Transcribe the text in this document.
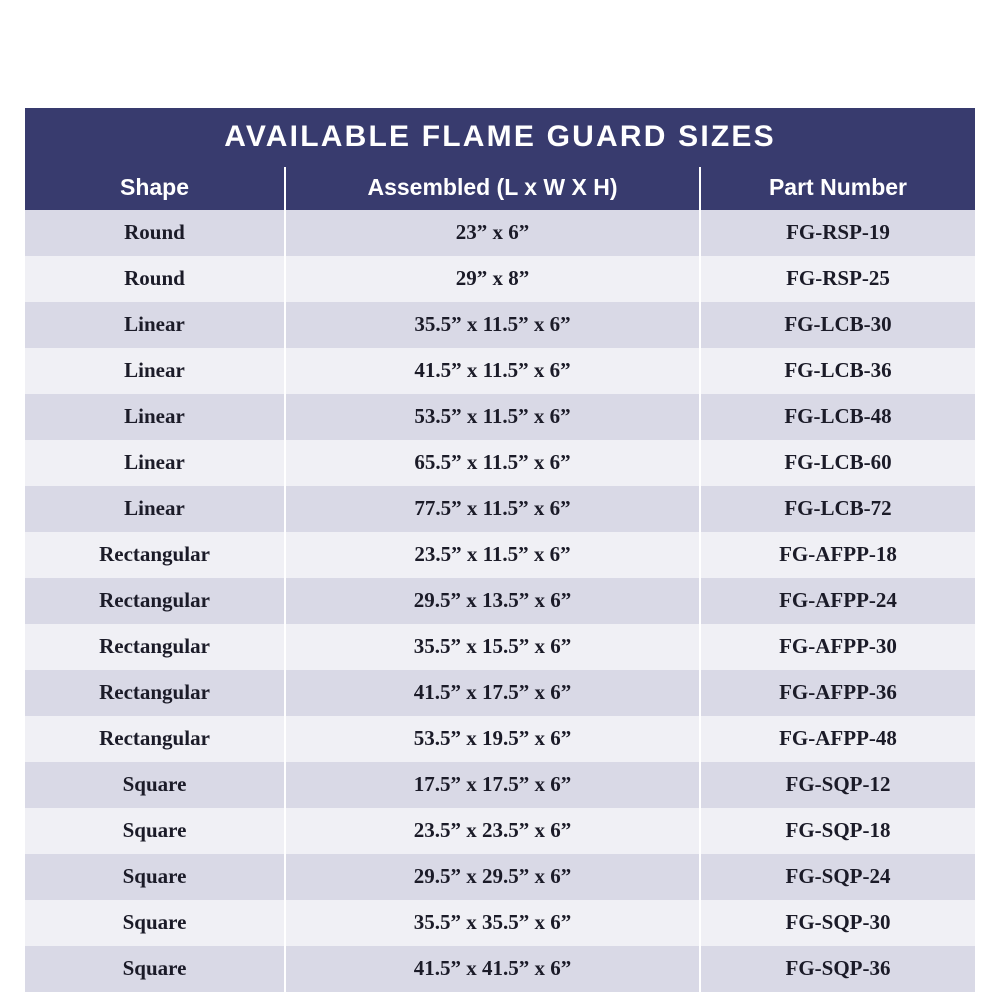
AVAILABLE FLAME GUARD SIZES		
Shape	Assembled (L x W X H)	Part Number
Round	23” x 6”	FG-RSP-19
Round	29” x 8”	FG-RSP-25
Linear	35.5” x 11.5” x 6”	FG-LCB-30
Linear	41.5” x 11.5” x 6”	FG-LCB-36
Linear	53.5” x 11.5” x 6”	FG-LCB-48
Linear	65.5” x 11.5” x 6”	FG-LCB-60
Linear	77.5” x 11.5” x 6”	FG-LCB-72
Rectangular	23.5” x 11.5” x 6”	FG-AFPP-18
Rectangular	29.5” x 13.5” x 6”	FG-AFPP-24
Rectangular	35.5” x 15.5” x 6”	FG-AFPP-30
Rectangular	41.5” x 17.5” x 6”	FG-AFPP-36
Rectangular	53.5” x 19.5” x 6”	FG-AFPP-48
Square	17.5” x 17.5” x 6”	FG-SQP-12
Square	23.5” x 23.5” x 6”	FG-SQP-18
Square	29.5” x 29.5” x 6”	FG-SQP-24
Square	35.5” x 35.5” x 6”	FG-SQP-30
Square	41.5” x 41.5” x 6”	FG-SQP-36
